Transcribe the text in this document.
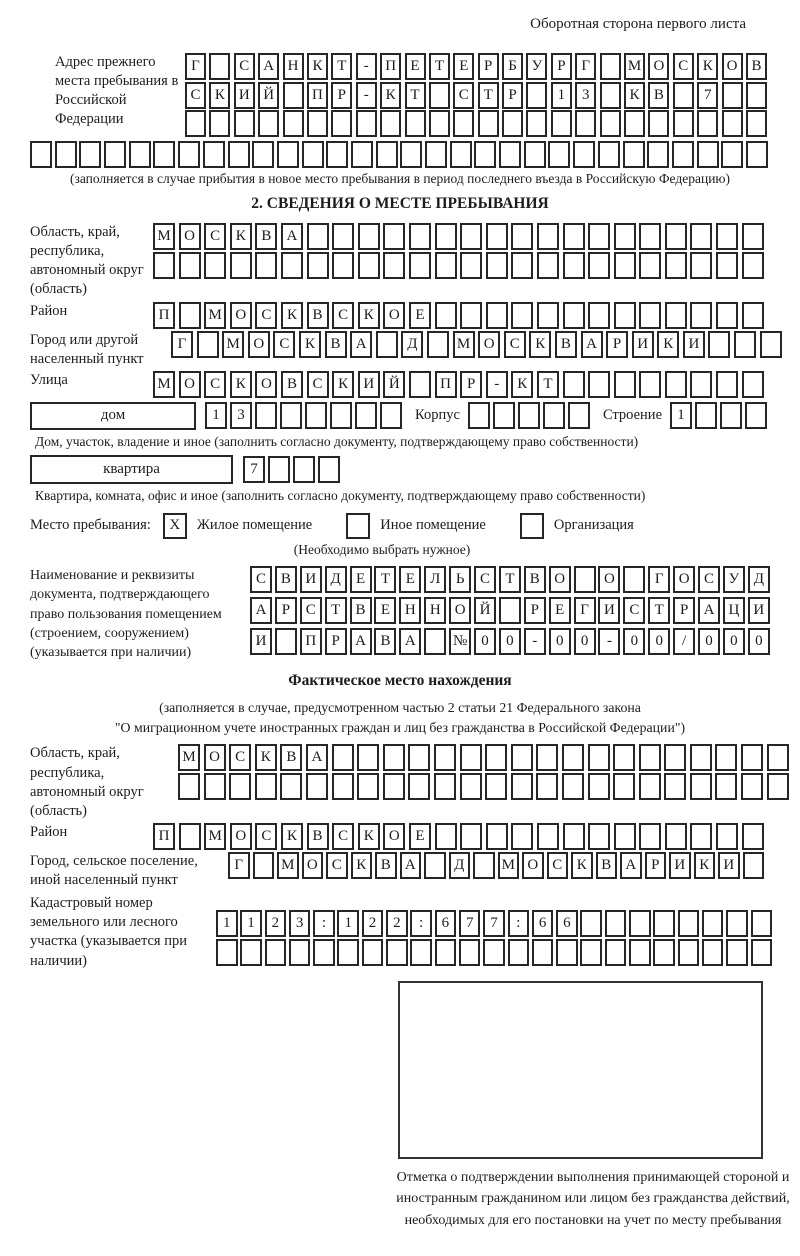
Оборотная сторона первого листа
Адрес прежнего места пребывания в Российской Федерации
Г	С А Н К Т	-	П Е	Т	Е	Р	Б У Р	Г	М О С К О В
С К И Й	П Р	-	К Т	С Т	Р	1	3	К В	7
(заполняется в случае прибытия в новое место пребывания в период последнего въезда в Российскую Федерацию)
2. СВЕДЕНИЯ О МЕСТЕ ПРЕБЫВАНИЯ
Область, край, республика, автономный округ (область)
М О	С	К	В	А
Район	П	М О	С	К	В	С	К	О	Е
Город или другой населенный пункт
Г	М О	С	К	В	А	Д	М О	С	К	В	А	Р	И	К	И
Улица	М О	С	К	О	В	С	К	И Й	П	Р	-	К	Т
дом	1	3	Корпус	Строение	1
Дом, участок, владение и иное (заполнить согласно документу, подтверждающему право собственности)
квартира	7
Квартира, комната, офис и иное (заполнить согласно документу, подтверждающему право собственности)
Место пребывания:	X	Жилое помещение	Иное помещение	Организация
(Необходимо выбрать нужное)
Наименование и реквизиты документа, подтверждающего право пользования помещением (строением, сооружением) (указывается при наличии)
С В И Д	Е	Т	Е	Л	Ь	С	Т	В О	О	Г	О С У Д
А	Р	С	Т	В	Е Н Н О Й	Р	Е	Г	И С	Т	Р	А Ц И
И	П	Р	А В А	№ 0	0	-	0	0	-	0	0	/	0	0	0
Фактическое место нахождения
(заполняется в случае, предусмотренном частью 2 статьи 21 Федерального закона
"О миграционном учете иностранных граждан и лиц без гражданства в Российской Федерации")
Область, край, республика, автономный округ (область)
М О	С	К	В	А
Район	П	М О	С	К	В	С	К	О	Е
Город, сельское поселение, иной населенный пункт
Г	М О С К В А	Д	М О С К В А Р И К И
Кадастровый номер земельного или лесного участка (указывается при наличии)
1	1	2	3	:	1	2	2	:	6	7	7	:	6	6
Отметка о подтверждении выполнения принимающей стороной и иностранным гражданином или лицом без гражданства действий, необходимых для его постановки на учет по месту пребывания
